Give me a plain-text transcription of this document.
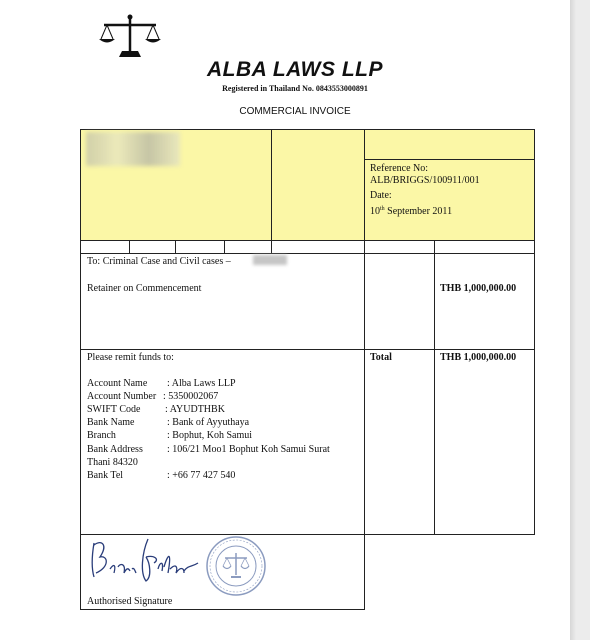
ALBA LAWS LLP
Registered in Thailand No. 0843553000891
COMMERCIAL INVOICE
Reference No:
ALB/BRIGGS/100911/001
Date:
10th September 2011
To: Criminal Case and Civil cases –
Retainer on Commencement	THB 1,000,000.00
Please remit funds to:	Total	THB 1,000,000.00
Account Name : Alba Laws LLP
Account Number : 5350002067
SWIFT Code : AYUDTHBK
Bank Name	: Bank of Ayyuthaya
Branch	: Bophut, Koh Samui
Bank Address : 106/21 Moo1 Bophut Koh Samui Surat
Thani 84320
Bank Tel	: +66 77 427 540
Authorised Signature
